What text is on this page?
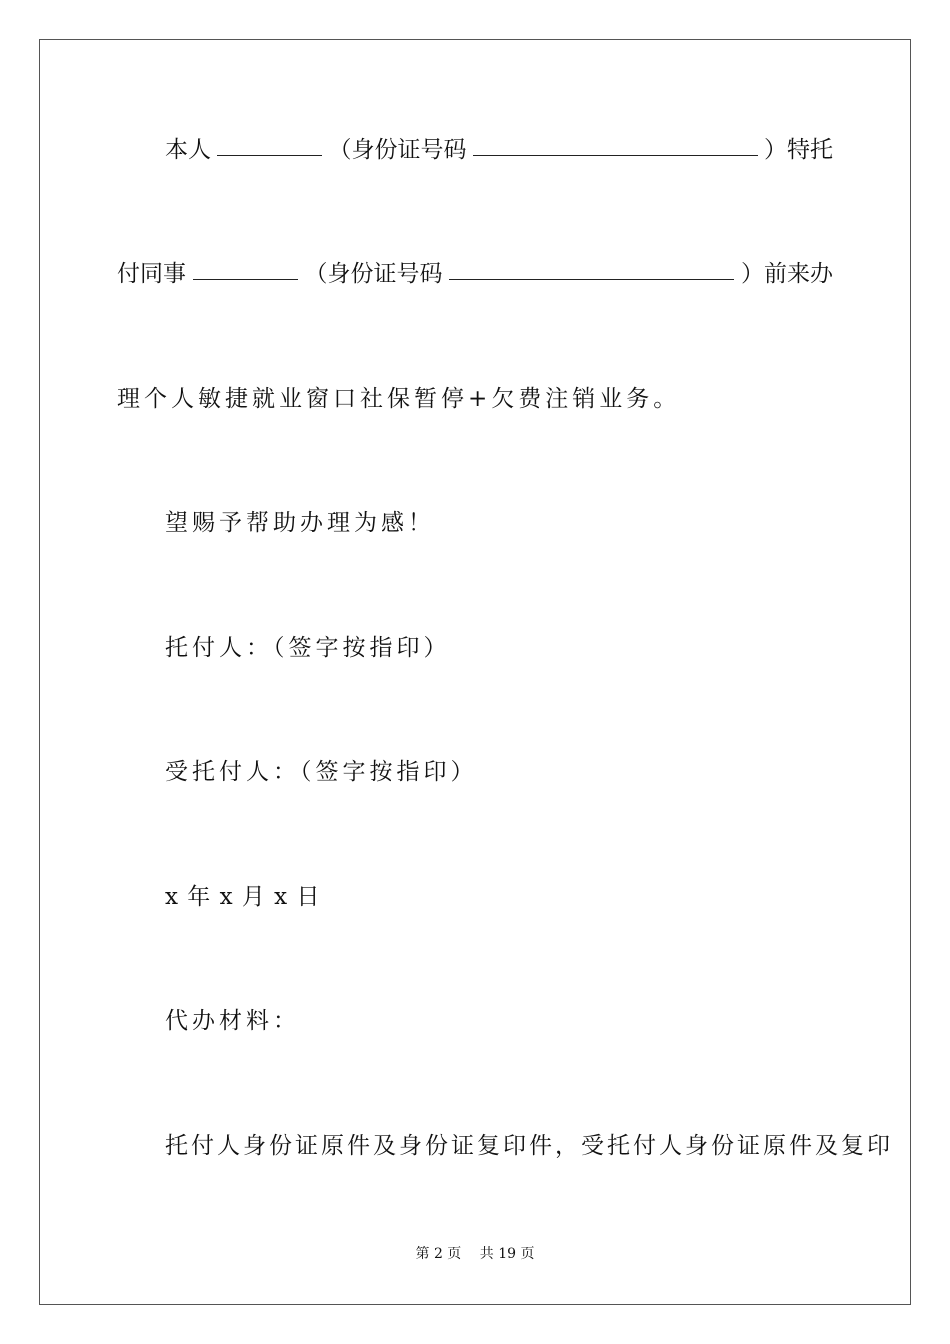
本人	（身份证号码	）特托
付同事	（身份证号码	）前来办
理个人敏捷就业窗口社保暂停+欠费注销业务。
望赐予帮助办理为感！
托付人：（签字按指印）
受托付人：（签字按指印）
x 年 x 月 x 日
代办材料：
托付人身份证原件及身份证复印件，受托付人身份证原件及复印
第 2 页 共 19 页
